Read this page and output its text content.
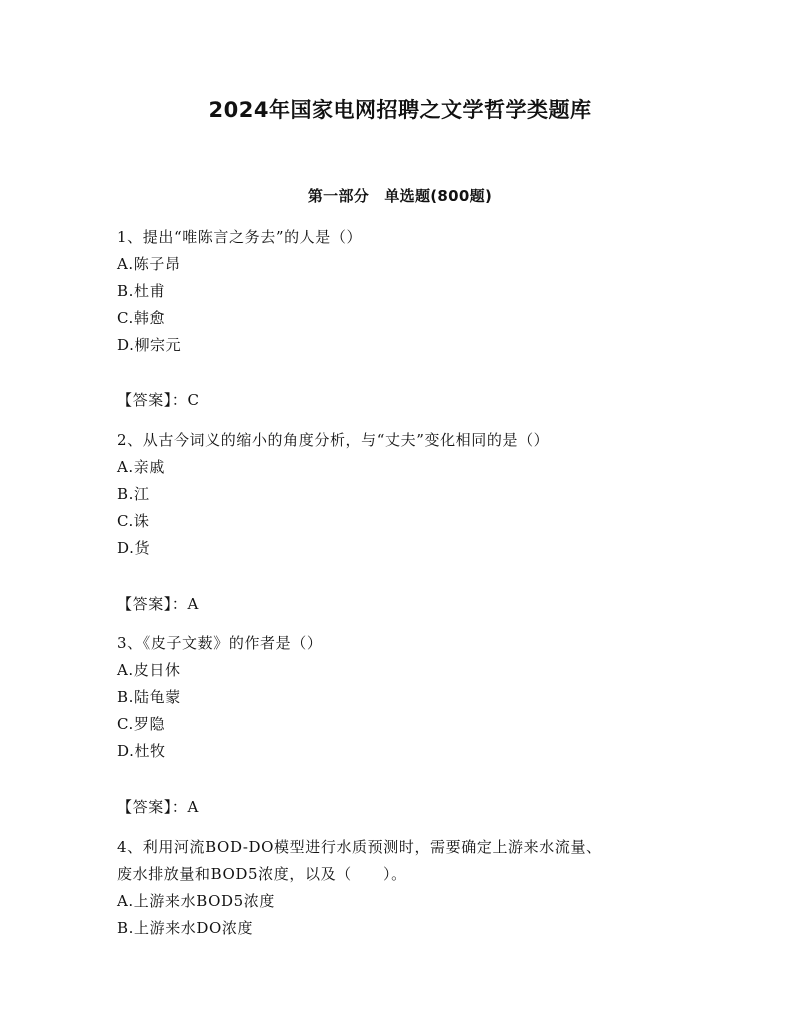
2024年国家电网招聘之文学哲学类题库
第一部分　单选题(800题)
1、提出“唯陈言之务去”的人是（）
A.陈子昂
B.杜甫
C.韩愈
D.柳宗元
【答案】：C
2、从古今词义的缩小的角度分析，与“丈夫”变化相同的是（）
A.亲戚
B.江
C.诛
D.货
【答案】：A
3、《皮子文薮》的作者是（）
A.皮日休
B.陆龟蒙
C.罗隐
D.杜牧
【答案】：A
4、利用河流BOD-DO模型进行水质预测时，需要确定上游来水流量、
废水排放量和BOD5浓度，以及（　　）。
A.上游来水BOD5浓度
B.上游来水DO浓度
